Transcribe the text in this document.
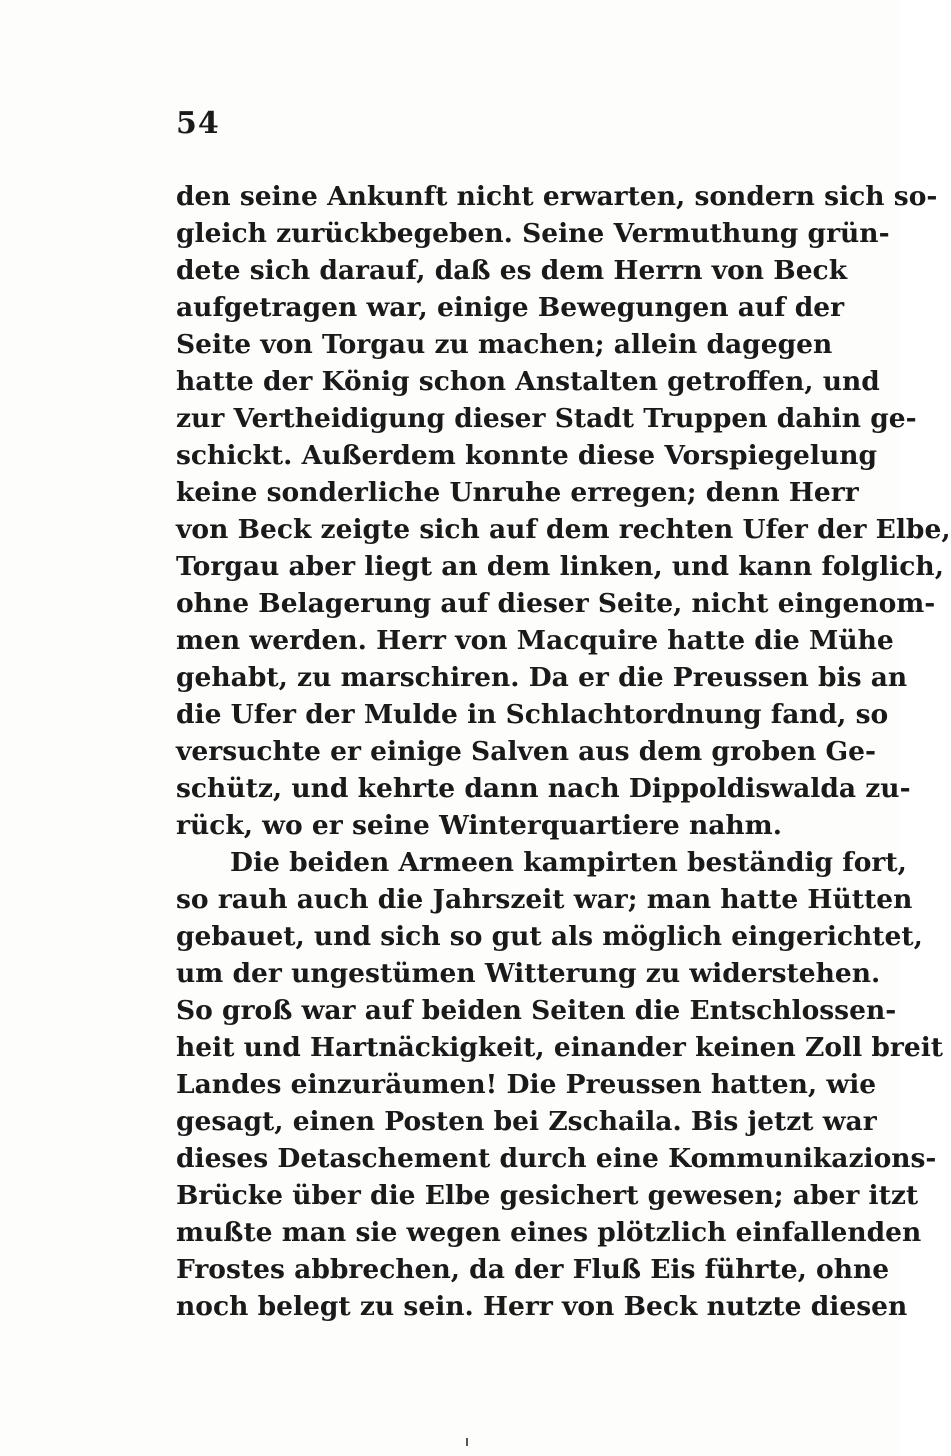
54
den seine Ankunft nicht erwarten, sondern sich so-
gleich zurückbegeben. Seine Vermuthung grün-
dete sich darauf, daß es dem Herrn von Beck
aufgetragen war, einige Bewegungen auf der
Seite von Torgau zu machen; allein dagegen
hatte der König schon Anstalten getroffen, und
zur Vertheidigung dieser Stadt Truppen dahin ge-
schickt. Außerdem konnte diese Vorspiegelung
keine sonderliche Unruhe erregen; denn Herr
von Beck zeigte sich auf dem rechten Ufer der Elbe,
Torgau aber liegt an dem linken, und kann folglich,
ohne Belagerung auf dieser Seite, nicht eingenom-
men werden. Herr von Macquire hatte die Mühe
gehabt, zu marschiren. Da er die Preussen bis an
die Ufer der Mulde in Schlachtordnung fand, so
versuchte er einige Salven aus dem groben Ge-
schütz, und kehrte dann nach Dippoldiswalda zu-
rück, wo er seine Winterquartiere nahm.
Die beiden Armeen kampirten beständig fort,
so rauh auch die Jahrszeit war; man hatte Hütten
gebauet, und sich so gut als möglich eingerichtet,
um der ungestümen Witterung zu widerstehen.
So groß war auf beiden Seiten die Entschlossen-
heit und Hartnäckigkeit, einander keinen Zoll breit
Landes einzuräumen! Die Preussen hatten, wie
gesagt, einen Posten bei Zschaila. Bis jetzt war
dieses Detaschement durch eine Kommunikazions-
Brücke über die Elbe gesichert gewesen; aber itzt
mußte man sie wegen eines plötzlich einfallenden
Frostes abbrechen, da der Fluß Eis führte, ohne
noch belegt zu sein. Herr von Beck nutzte diesen
